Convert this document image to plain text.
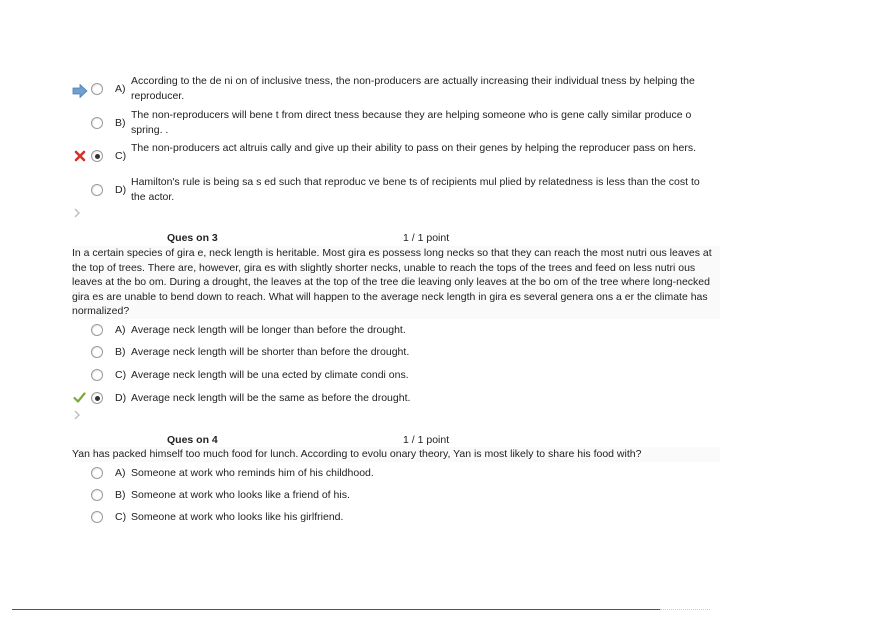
A)
According to the de ni on of inclusive tness, the non-producers are actually increasing their individual tness by helping the reproducer.
B)
The non-reproducers will bene t from direct tness because they are helping someone who is gene cally similar produce o spring. .
C)
The non-producers act altruis cally and give up their ability to pass on their genes by helping the reproducer pass on hers.
D)
Hamilton's rule is being sa s ed such that reproduc ve bene ts of recipients mul plied by relatedness is less than the cost to the actor.
Ques on 3	1 / 1 point
In a certain species of gira e, neck length is heritable. Most gira es possess long necks so that they can reach the most nutri ous leaves at the top of trees. There are, however, gira es with slightly shorter necks, unable to reach the tops of the trees and feed on less nutri ous leaves at the bo om. During a drought, the leaves at the top of the tree die leaving only leaves at the bo om of the tree where long-necked gira es are unable to bend down to reach. What will happen to the average neck length in gira es several genera ons a er the climate has normalized?
A) Average neck length will be longer than before the drought.
B) Average neck length will be shorter than before the drought.
C) Average neck length will be una ected by climate condi ons.
D) Average neck length will be the same as before the drought.
Ques on 4	1 / 1 point
Yan has packed himself too much food for lunch. According to evolu onary theory, Yan is most likely to share his food with?
A) Someone at work who reminds him of his childhood.
B) Someone at work who looks like a friend of his.
C) Someone at work who looks like his girlfriend.
